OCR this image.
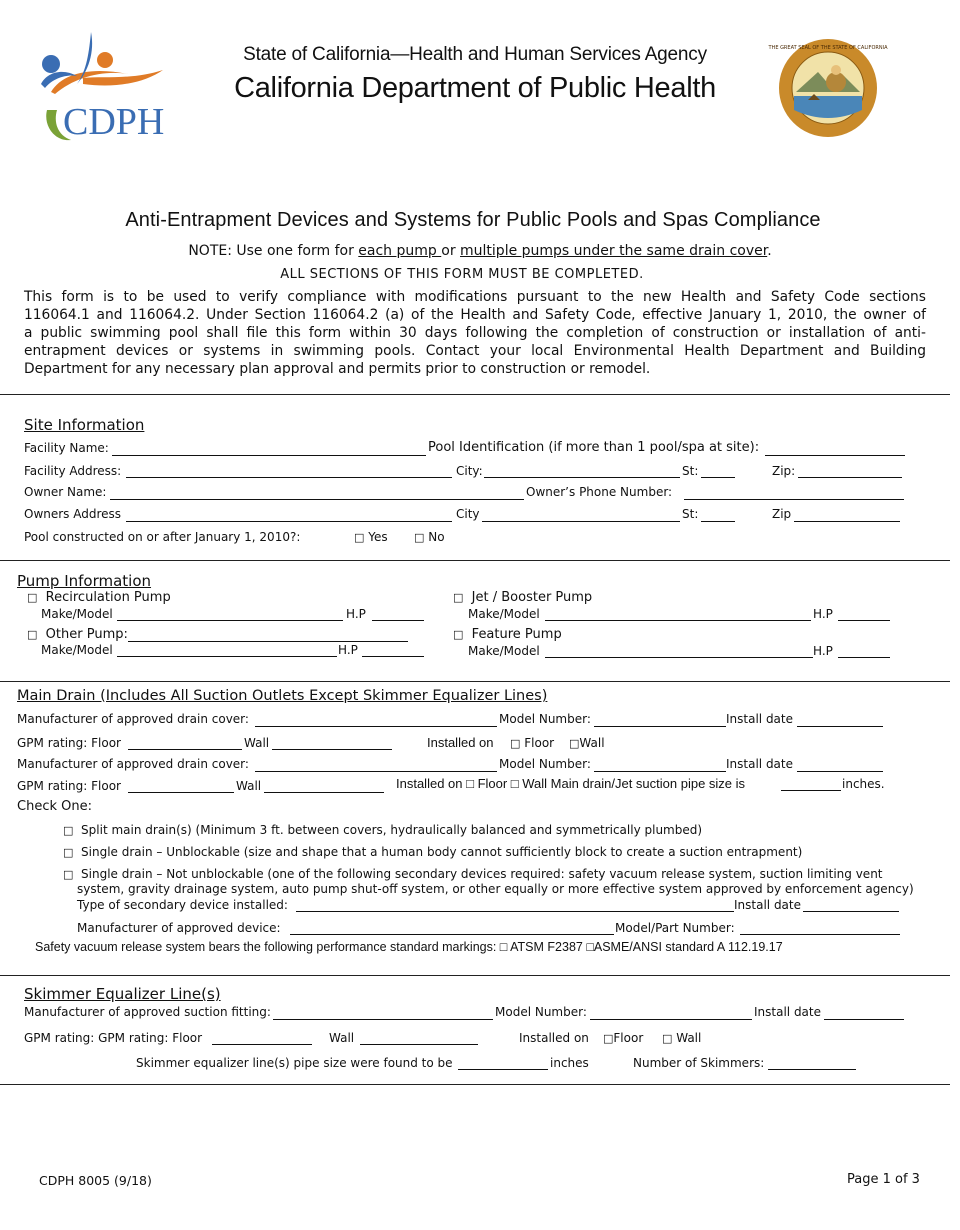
CDPH
State of California—Health and Human Services Agency
California Department of Public Health
THE GREAT SEAL OF THE STATE OF CALIFORNIA
Anti-Entrapment Devices and Systems for Public Pools and Spas Compliance
NOTE: Use one form for each pump or multiple pumps under the same drain cover.
ALL SECTIONS OF THIS FORM MUST BE COMPLETED.
This form is to be used to verify compliance with modifications pursuant to the new Health and Safety Code sections
116064.1 and 116064.2. Under Section 116064.2 (a) of the Health and Safety Code, effective January 1, 2010, the owner of
a public swimming pool shall file this form within 30 days following the completion of construction or installation of anti-
entrapment devices or systems in swimming pools. Contact your local Environmental Health Department and Building
Department for any necessary plan approval and permits prior to construction or remodel.
Site Information
Facility Name:	Pool Identification (if more than 1 pool/spa at site):
Facility Address:	City:	St:	Zip:
Owner Name:	Owner’s Phone Number:
Owners Address	City	St:	Zip
Pool constructed on or after January 1, 2010?:	□ Yes □ No
Pump Information
□ Recirculation Pump
Make/Model	H.P
□ Other Pump:
Make/Model	H.P
□ Jet / Booster Pump
Make/Model	H.P
□ Feature Pump
Make/Model	H.P
Main Drain (Includes All Suction Outlets Except Skimmer Equalizer Lines)
Manufacturer of approved drain cover:	Model Number:	Install date
GPM rating: Floor	Wall	Installed on □ Floor □Wall
Manufacturer of approved drain cover:	Model Number:	Install date
GPM rating: Floor	Wall	Installed on □ Floor □ Wall Main drain/Jet suction pipe size is	inches.
Check One:
□ Split main drain(s) (Minimum 3 ft. between covers, hydraulically balanced and symmetrically plumbed)
□ Single drain – Unblockable (size and shape that a human body cannot sufficiently block to create a suction entrapment)
□ Single drain – Not unblockable (one of the following secondary devices required: safety vacuum release system, suction limiting vent
system, gravity drainage system, auto pump shut-off system, or other equally or more effective system approved by enforcement agency)
Type of secondary device installed:	Install date
Manufacturer of approved device:	Model/Part Number:
Safety vacuum release system bears the following performance standard markings: □ ATSM F2387 □ASME/ANSI standard A 112.19.17
Skimmer Equalizer Line(s)
Manufacturer of approved suction fitting:	Model Number:	Install date
GPM rating: GPM rating: Floor	Wall	Installed on □Floor □ Wall
Skimmer equalizer line(s) pipe size were found to be	inches	Number of Skimmers:
CDPH 8005 (9/18)	Page 1 of 3
